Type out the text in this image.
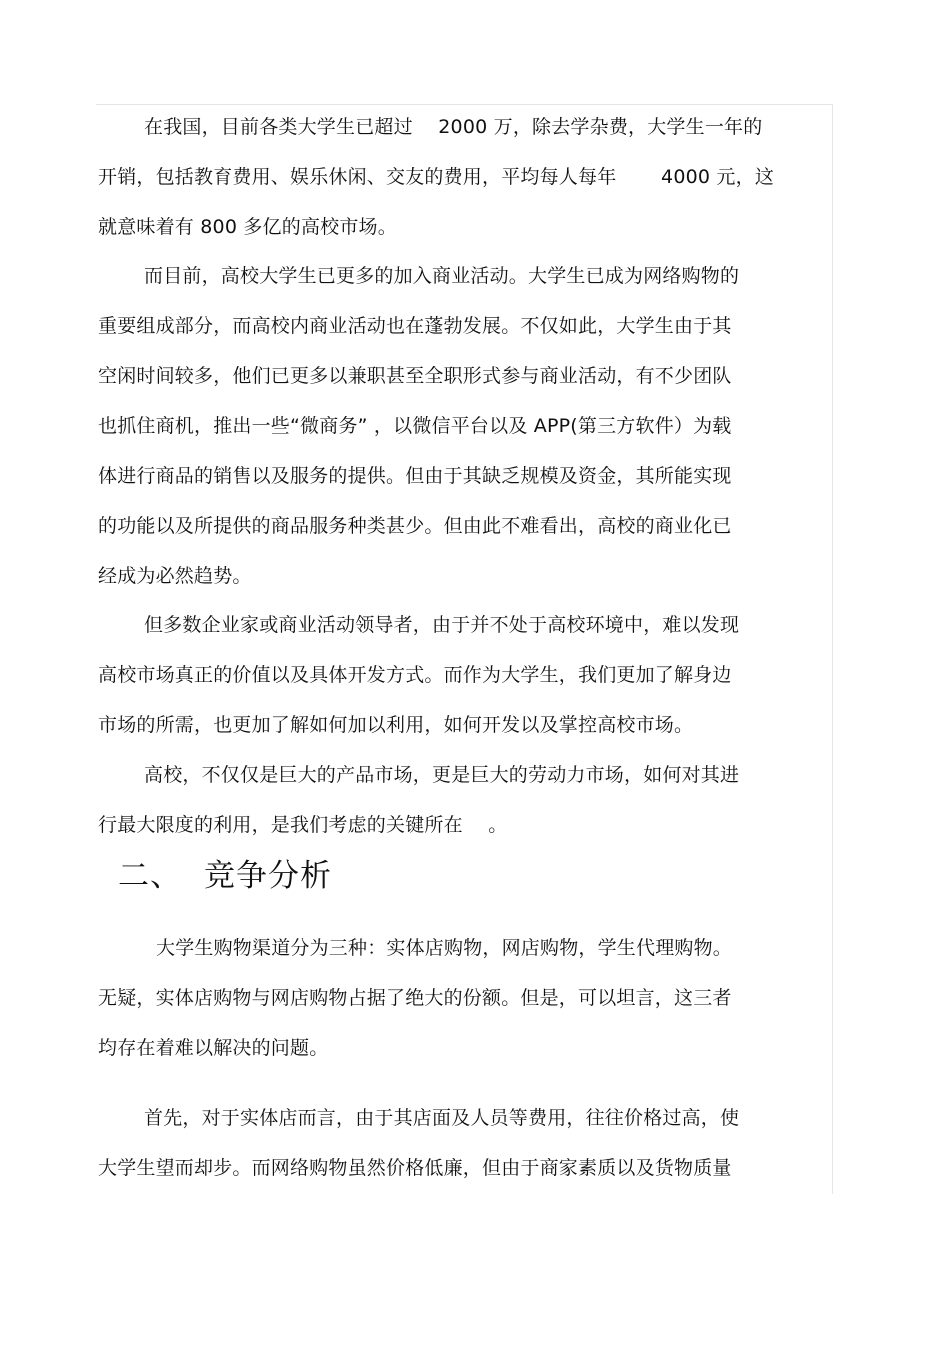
在我国，目前各类大学生已超过 　2000 万，除去学杂费，大学生一年的
开销，包括教育费用、娱乐休闲、交友的费用，平均每人每年 　　4000 元，这
就意味着有 800 多亿的高校市场。
而目前，高校大学生已更多的加入商业活动。大学生已成为网络购物的
重要组成部分，而高校内商业活动也在蓬勃发展。不仅如此，大学生由于其
空闲时间较多，他们已更多以兼职甚至全职形式参与商业活动，有不少团队
也抓住商机，推出一些“微商务” ，以微信平台以及 APP(第三方软件）为载
体进行商品的销售以及服务的提供。但由于其缺乏规模及资金，其所能实现
的功能以及所提供的商品服务种类甚少。但由此不难看出，高校的商业化已
经成为必然趋势。
但多数企业家或商业活动领导者，由于并不处于高校环境中，难以发现
高校市场真正的价值以及具体开发方式。而作为大学生，我们更加了解身边
市场的所需，也更加了解如何加以利用，如何开发以及掌控高校市场。
高校，不仅仅是巨大的产品市场，更是巨大的劳动力市场，如何对其进
行最大限度的利用，是我们考虑的关键所在　 。
二、 竞争分析
大学生购物渠道分为三种：实体店购物，网店购物，学生代理购物。
无疑，实体店购物与网店购物占据了绝大的份额。但是，可以坦言，这三者
均存在着难以解决的问题。
首先，对于实体店而言，由于其店面及人员等费用，往往价格过高，使
大学生望而却步。而网络购物虽然价格低廉，但由于商家素质以及货物质量
